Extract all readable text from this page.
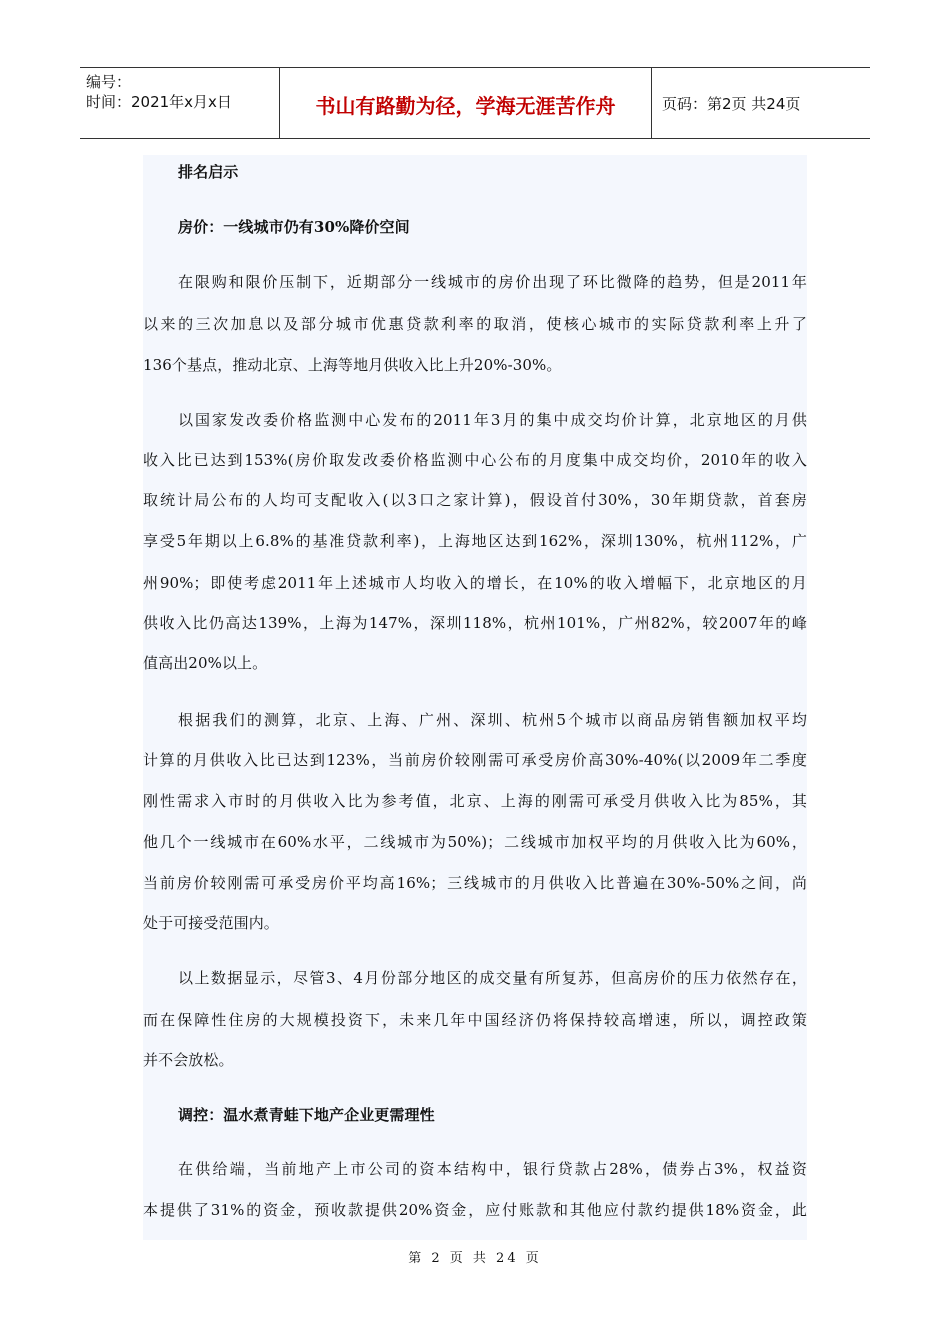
编号：
时间：2021年x月x日	书山有路勤为径，学海无涯苦作舟	页码：第2页 共24页
排名启示
房价：一线城市仍有30%降价空间
在限购和限价压制下，近期部分一线城市的房价出现了环比微降的趋势，但是2011年
以来的三次加息以及部分城市优惠贷款利率的取消，使核心城市的实际贷款利率上升了
136个基点，推动北京、上海等地月供收入比上升20%-30%。
以国家发改委价格监测中心发布的2011年3月的集中成交均价计算，北京地区的月供
收入比已达到153%(房价取发改委价格监测中心公布的月度集中成交均价，2010年的收入
取统计局公布的人均可支配收入(以3口之家计算)，假设首付30%，30年期贷款，首套房
享受5年期以上6.8%的基准贷款利率)，上海地区达到162%，深圳130%，杭州112%，广
州90%；即使考虑2011年上述城市人均收入的增长，在10%的收入增幅下，北京地区的月
供收入比仍高达139%，上海为147%，深圳118%，杭州101%，广州82%，较2007年的峰
值高出20%以上。
根据我们的测算，北京、上海、广州、深圳、杭州5个城市以商品房销售额加权平均
计算的月供收入比已达到123%，当前房价较刚需可承受房价高30%-40%(以2009年二季度
刚性需求入市时的月供收入比为参考值，北京、上海的刚需可承受月供收入比为85%，其
他几个一线城市在60%水平，二线城市为50%)；二线城市加权平均的月供收入比为60%，
当前房价较刚需可承受房价平均高16%；三线城市的月供收入比普遍在30%-50%之间，尚
处于可接受范围内。
以上数据显示，尽管3、4月份部分地区的成交量有所复苏，但高房价的压力依然存在，
而在保障性住房的大规模投资下，未来几年中国经济仍将保持较高增速，所以，调控政策
并不会放松。
调控：温水煮青蛙下地产企业更需理性
在供给端，当前地产上市公司的资本结构中，银行贷款占28%，债券占3%，权益资
本提供了31%的资金，预收款提供20%资金，应付账款和其他应付款约提供18%资金，此
第 2 页 共 24 页
